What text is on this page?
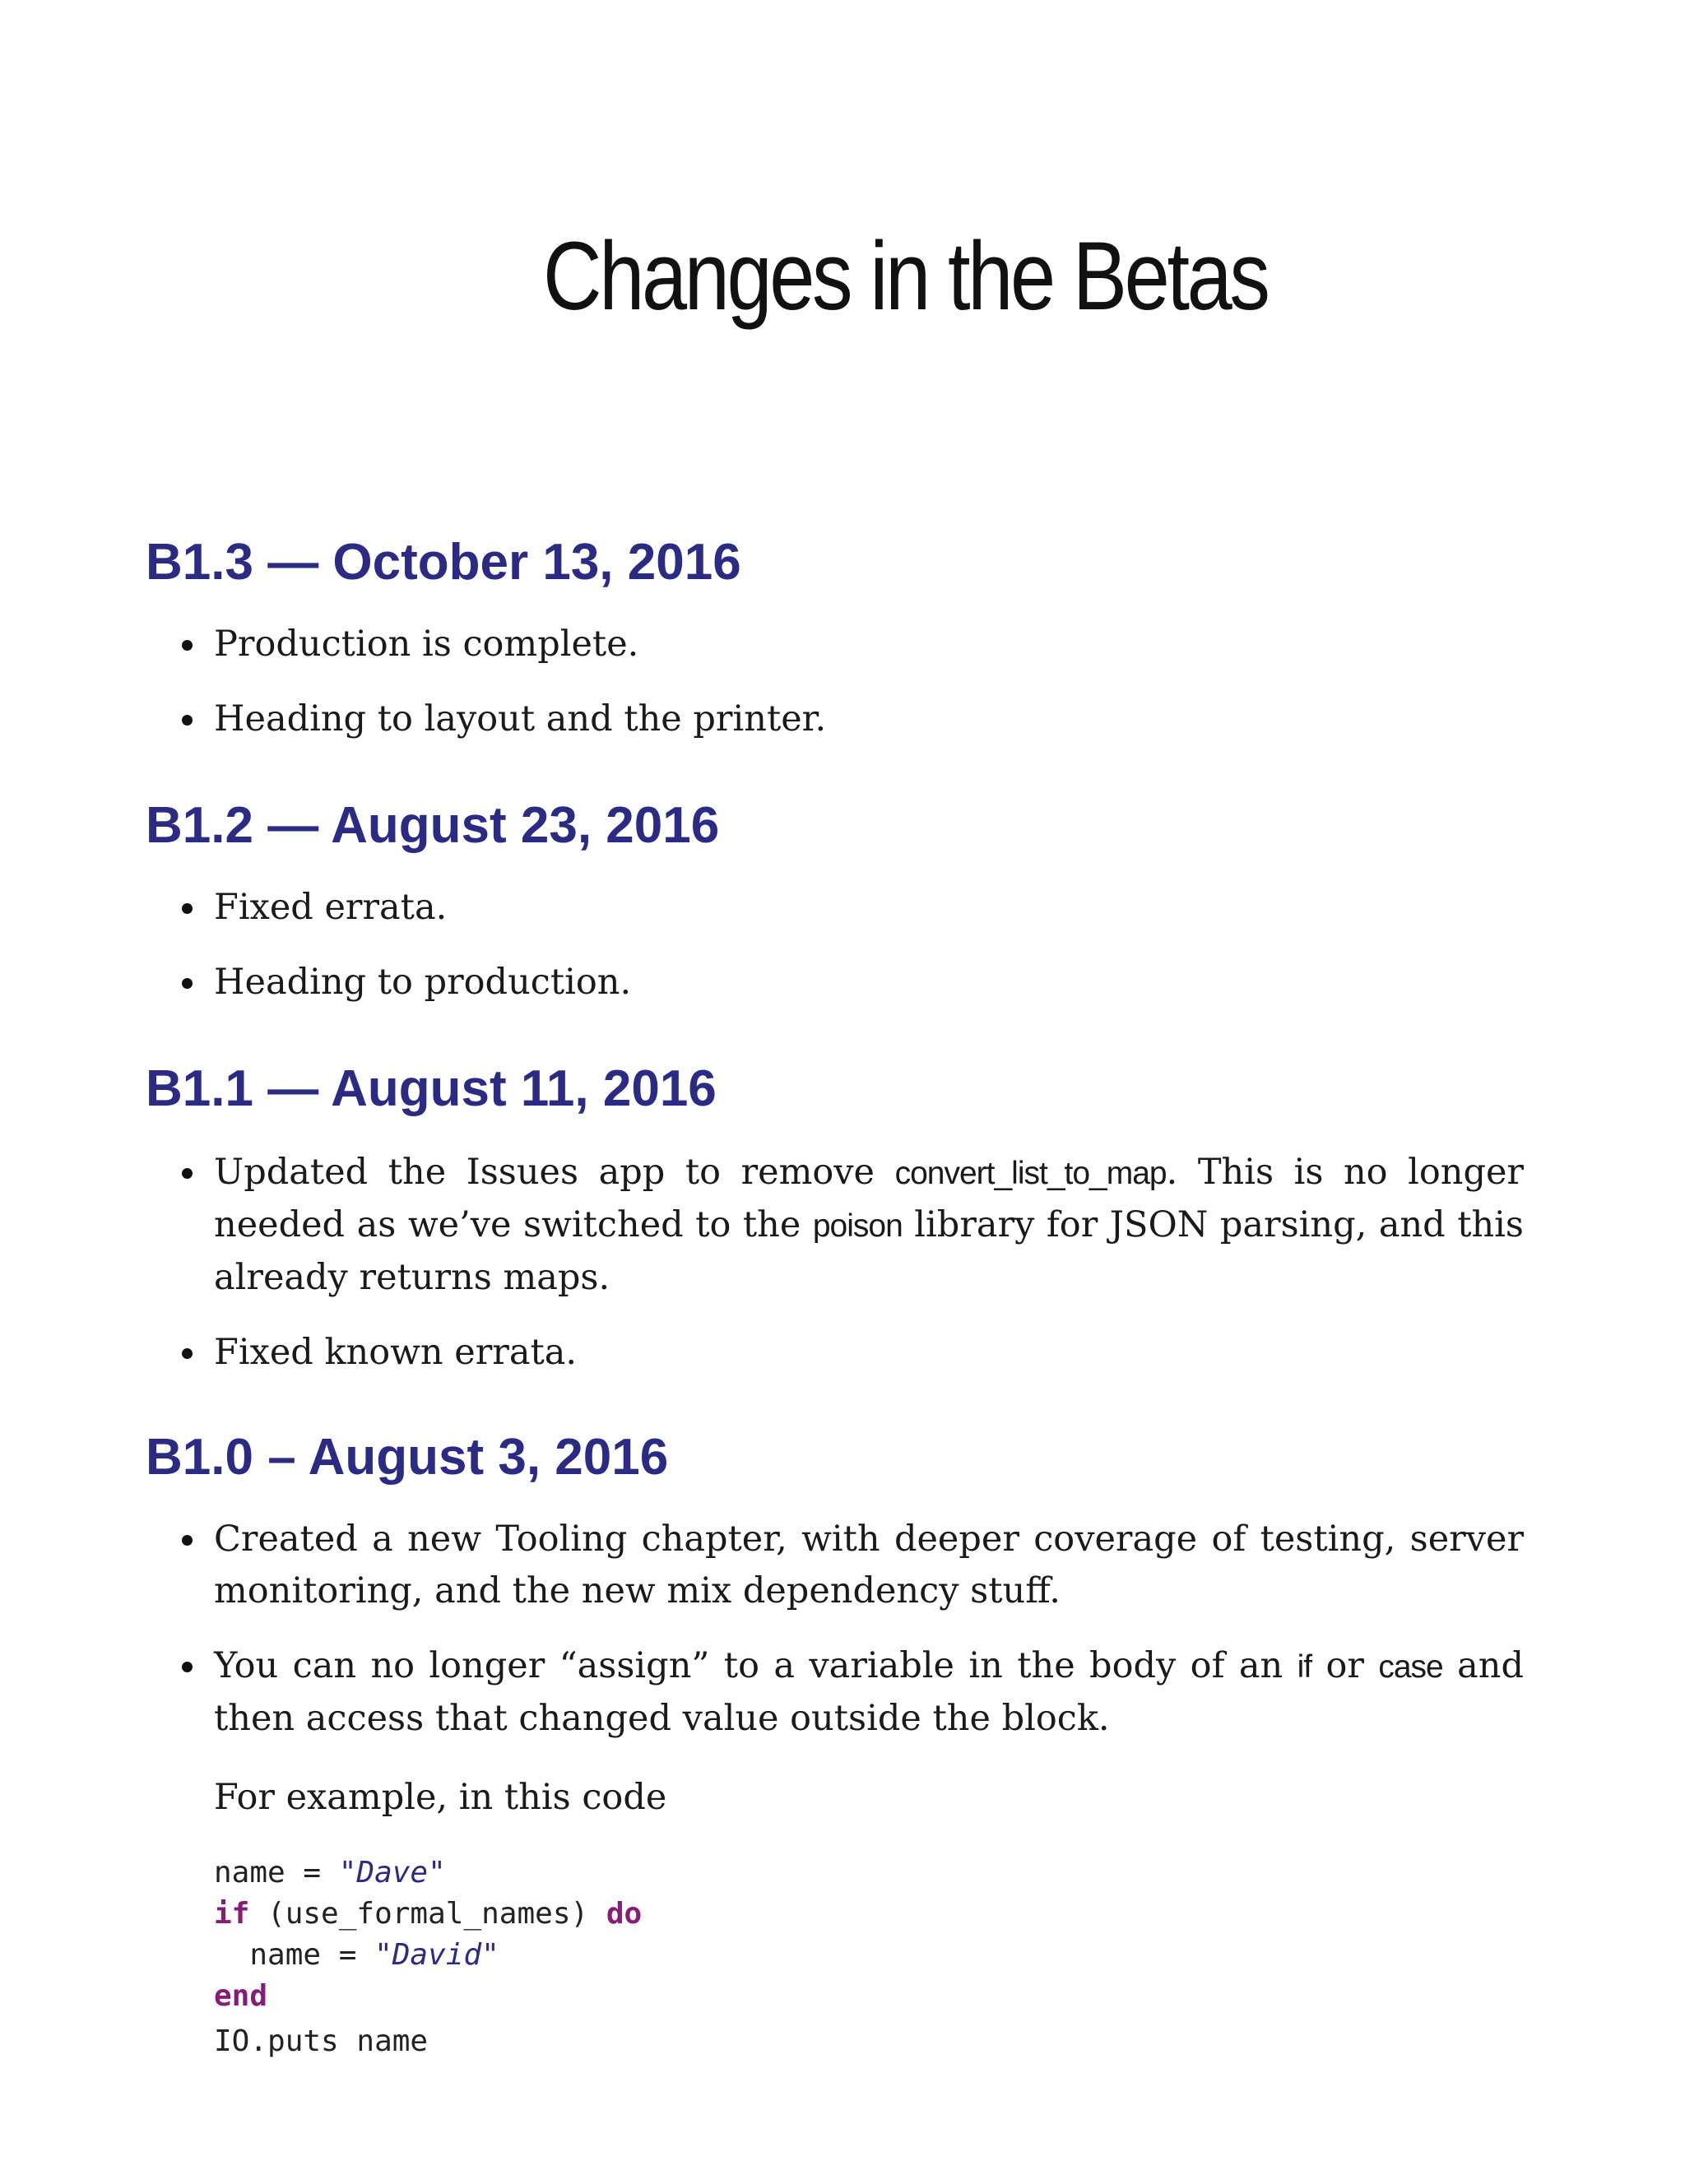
Changes in the Betas
B1.3 — October 13, 2016
Production is complete.
Heading to layout and the printer.
B1.2 — August 23, 2016
Fixed errata.
Heading to production.
B1.1 — August 11, 2016
Updated the Issues app to remove convert_list_to_map. This is no longer needed as we’ve switched to the poison library for JSON parsing, and this already returns maps.
Fixed known errata.
B1.0 – August 3, 2016
Created a new Tooling chapter, with deeper coverage of testing, server monitoring, and the new mix dependency stuff.
You can no longer “assign” to a variable in the body of an if or case and then access that changed value outside the block.

For example, in this code

name = "Dave"
if (use_formal_names) do
name = "David"
end

IO.puts name
